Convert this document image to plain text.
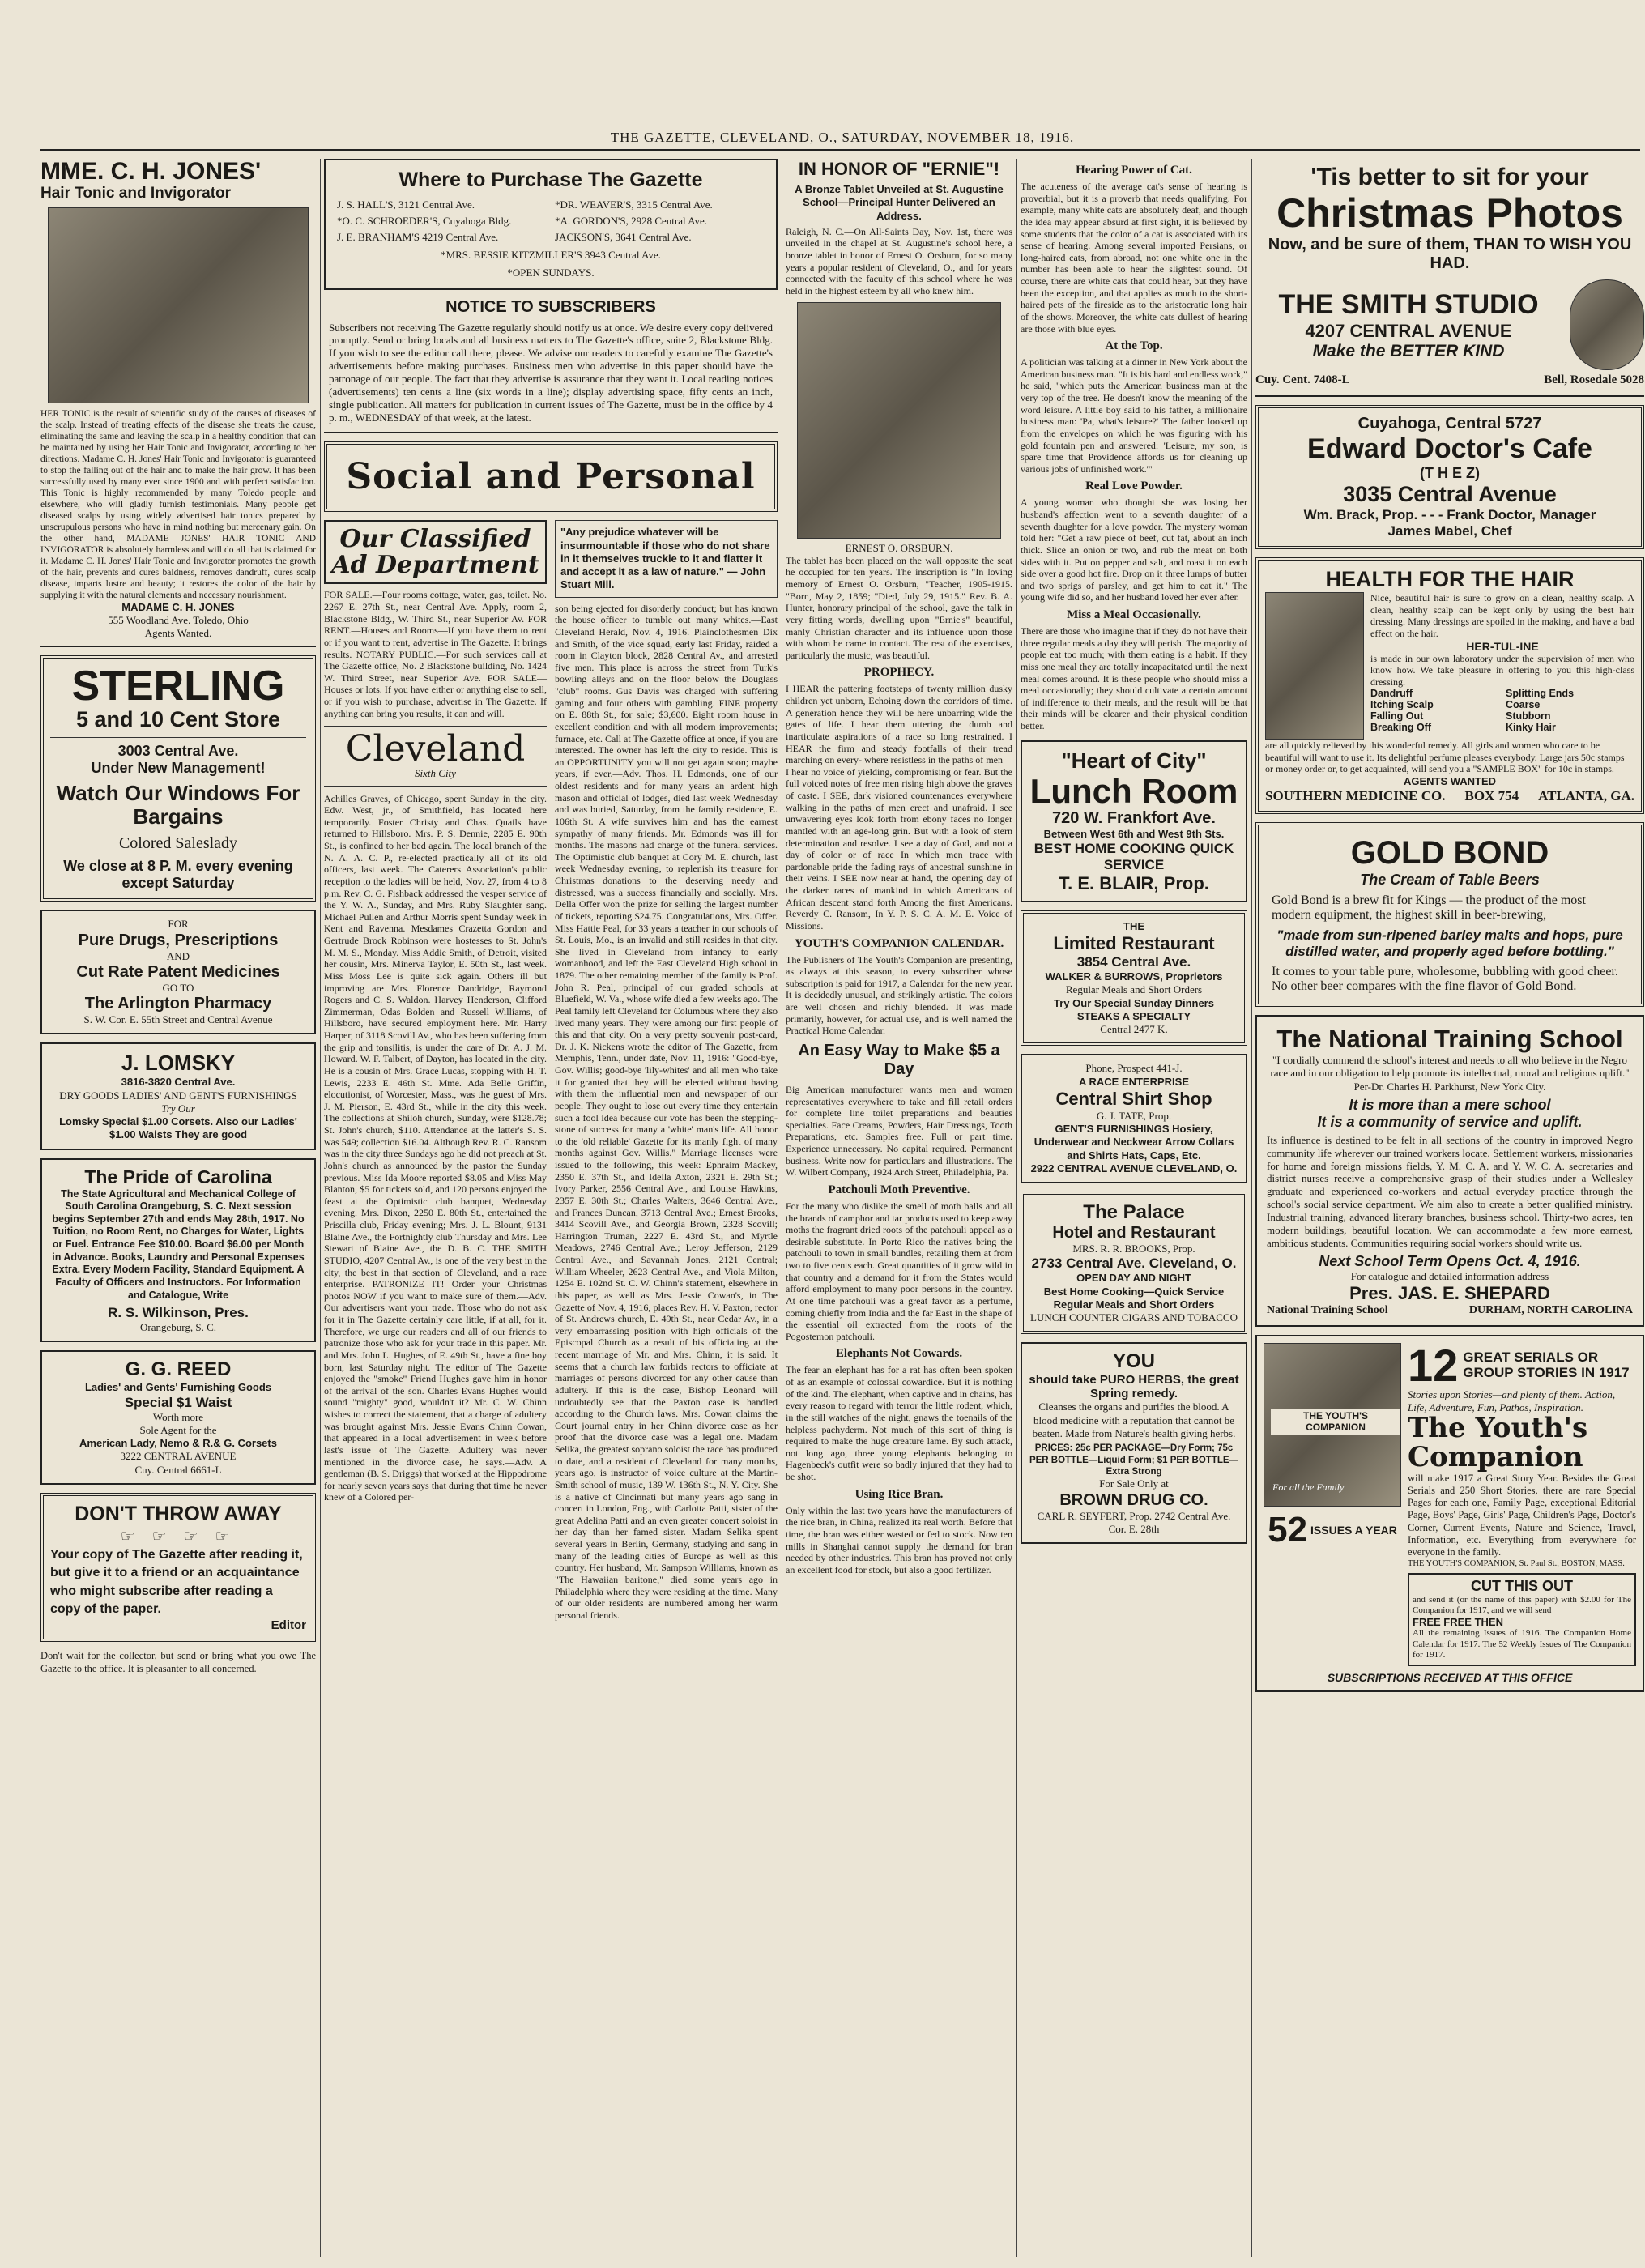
THE GAZETTE, CLEVELAND, O., SATURDAY, NOVEMBER 18, 1916.
MME. C. H. JONES'
Hair Tonic and Invigorator
HER TONIC is the result of scientific study of the causes of diseases of the scalp. Instead of treating effects of the disease she treats the cause, eliminating the same and leaving the scalp in a healthy condition that can be maintained by using her Hair Tonic and Invigorator, according to her directions. Madame C. H. Jones' Hair Tonic and Invigorator is guaranteed to stop the falling out of the hair and to make the hair grow. It has been successfully used by many ever since 1900 and with perfect satisfaction. This Tonic is highly recommended by many Toledo people and elsewhere, who will gladly furnish testimonials. Many people get diseased scalps by using widely advertised hair tonics prepared by unscrupulous persons who have in mind nothing but mercenary gain. On the other hand, MADAME JONES' HAIR TONIC AND INVIGORATOR is absolutely harmless and will do all that is claimed for it. Madame C. H. Jones' Hair Tonic and Invigorator promotes the growth of the hair, prevents and cures baldness, removes dandruff, cures scalp disease, imparts lustre and beauty; it restores the color of the hair by supplying it with the natural elements and necessary nourishment.
MADAME C. H. JONES
555 Woodland Ave. Toledo, Ohio
Agents Wanted.
STERLING
5 and 10 Cent Store
3003 Central Ave.
Under New Management!
Watch Our Windows For Bargains
Colored Saleslady
We close at 8 P. M. every evening except Saturday
FOR
Pure Drugs, Prescriptions
AND
Cut Rate Patent Medicines
GO TO
The Arlington Pharmacy
S. W. Cor. E. 55th Street and Central Avenue
J. LOMSKY
3816-3820 Central Ave.
DRY GOODS LADIES' AND GENT'S FURNISHINGS
Try Our
Lomsky Special $1.00 Corsets. Also our Ladies' $1.00 Waists They are good
The Pride of Carolina
The State Agricultural and Mechanical College of South Carolina Orangeburg, S. C. Next session begins September 27th and ends May 28th, 1917. No Tuition, no Room Rent, no Charges for Water, Lights or Fuel. Entrance Fee $10.00. Board $6.00 per Month in Advance. Books, Laundry and Personal Expenses Extra. Every Modern Facility, Standard Equipment. A Faculty of Officers and Instructors. For Information and Catalogue, Write
R. S. Wilkinson, Pres.
Orangeburg, S. C.
G. G. REED
Ladies' and Gents' Furnishing Goods
Special $1 Waist
Worth more
Sole Agent for the
American Lady, Nemo & R.& G. Corsets
3222 CENTRAL AVENUE
Cuy. Central 6661-L
DON'T THROW AWAY
☞ ☞ ☞ ☞
Your copy of The Gazette after reading it, but give it to a friend or an acquaintance who might subscribe after reading a copy of the paper.
Editor
Don't wait for the collector, but send or bring what you owe The Gazette to the office. It is pleasanter to all concerned.
Where to Purchase The Gazette
J. S. HALL'S, 3121 Central Ave.	*DR. WEAVER'S, 3315 Central Ave.
*O. C. SCHROEDER'S, Cuyahoga Bldg.	*A. GORDON'S, 2928 Central Ave.
J. E. BRANHAM'S 4219 Central Ave.	JACKSON'S, 3641 Central Ave.
*MRS. BESSIE KITZMILLER'S 3943 Central Ave.
*OPEN SUNDAYS.
NOTICE TO SUBSCRIBERS
Subscribers not receiving The Gazette regularly should notify us at once. We desire every copy delivered promptly. Send or bring locals and all business matters to The Gazette's office, suite 2, Blackstone Bldg. If you wish to see the editor call there, please. We advise our readers to carefully examine The Gazette's advertisements before making purchases. Business men who advertise in this paper should have the patronage of our people. The fact that they advertise is assurance that they want it. Local reading notices (advertisements) ten cents a line (six words in a line); display advertising space, fifty cents an inch, single publication. All matters for publication in current issues of The Gazette, must be in the office by 4 p. m., WEDNESDAY of that week, at the latest.
Social and Personal
Our Classified Ad Department
FOR SALE.—Four rooms cottage, water, gas, toilet. No. 2267 E. 27th St., near Central Ave. Apply, room 2, Blackstone Bldg., W. Third St., near Superior Av. FOR RENT.—Houses and Rooms—If you have them to rent or if you want to rent, advertise in The Gazette. It brings results. NOTARY PUBLIC.—For such services call at The Gazette office, No. 2 Blackstone building, No. 1424 W. Third Street, near Superior Ave. FOR SALE—Houses or lots. If you have either or anything else to sell, or if you wish to purchase, advertise in The Gazette. If anything can bring you results, it can and will.
Cleveland
Sixth City
Achilles Graves, of Chicago, spent Sunday in the city. Edw. West, jr., of Smithfield, has located here temporarily. Foster Christy and Chas. Quails have returned to Hillsboro. Mrs. P. S. Dennie, 2285 E. 90th St., is confined to her bed again. The local branch of the N. A. A. C. P., re-elected practically all of its old officers, last week. The Caterers Association's public reception to the ladies will be held, Nov. 27, from 4 to 8 p.m. Rev. C. G. Fishback addressed the vesper service of the Y. W. A., Sunday, and Mrs. Ruby Slaughter sang. Michael Pullen and Arthur Morris spent Sunday week in Kent and Ravenna. Mesdames Crazetta Gordon and Gertrude Brock Robinson were hostesses to St. John's M. M. S., Monday. Miss Addie Smith, of Detroit, visited her cousin, Mrs. Minerva Taylor, E. 50th St., last week. Miss Moss Lee is quite sick again. Others ill but improving are Mrs. Florence Dandridge, Raymond Rogers and C. S. Waldon. Harvey Henderson, Clifford Zimmerman, Odas Bolden and Russell Williams, of Hillsboro, have secured employment here. Mr. Harry Harper, of 3118 Scovill Av., who has been suffering from the grip and tonsilitis, is under the care of Dr. A. J. M. Howard. W. F. Talbert, of Dayton, has located in the city. He is a cousin of Mrs. Grace Lucas, stopping with H. T. Lewis, 2233 E. 46th St. Mme. Ada Belle Griffin, elocutionist, of Worcester, Mass., was the guest of Mrs. J. M. Pierson, E. 43rd St., while in the city this week. The collections at Shiloh church, Sunday, were $128.78; St. John's church, $110. Attendance at the latter's S. S. was 549; collection $16.04. Although Rev. R. C. Ransom was in the city three Sundays ago he did not preach at St. John's church as announced by the pastor the Sunday previous. Miss Ida Moore reported $8.05 and Miss May Blanton, $5 for tickets sold, and 120 persons enjoyed the feast at the Optimistic club banquet, Wednesday evening. Mrs. Dixon, 2250 E. 80th St., entertained the Priscilla club, Friday evening; Mrs. J. L. Blount, 9131 Blaine Ave., the Fortnightly club Thursday and Mrs. Lee Stewart of Blaine Ave., the D. B. C. THE SMITH STUDIO, 4207 Central Av., is one of the very best in the city, the best in that section of Cleveland, and a race enterprise. PATRONIZE IT! Order your Christmas photos NOW if you want to make sure of them.—Adv. Our advertisers want your trade. Those who do not ask for it in The Gazette certainly care little, if at all, for it. Therefore, we urge our readers and all of our friends to patronize those who ask for your trade in this paper. Mr. and Mrs. John L. Hughes, of E. 49th St., have a fine boy born, last Saturday night. The editor of The Gazette enjoyed the "smoke" Friend Hughes gave him in honor of the arrival of the son. Charles Evans Hughes would sound "mighty" good, wouldn't it? Mr. C. W. Chinn wishes to correct the statement, that a charge of adultery was brought against Mrs. Jessie Evans Chinn Cowan, that appeared in a local advertisement in week before last's issue of The Gazette. Adultery was never mentioned in the divorce case, he says.—Adv. A gentleman (B. S. Driggs) that worked at the Hippodrome for nearly seven years says that during that time he never knew of a Colored per-
"Any prejudice whatever will be insurmountable if those who do not share in it themselves truckle to it and flatter it and accept it as a law of nature." — John Stuart Mill.
son being ejected for disorderly conduct; but has known the house officer to tumble out many whites.—East Cleveland Herald, Nov. 4, 1916. Plainclothesmen Dix and Smith, of the vice squad, early last Friday, raided a room in Clayton block, 2828 Central Av., and arrested five men. This place is across the street from Turk's bowling alleys and on the floor below the Douglass "club" rooms. Gus Davis was charged with suffering gaming and four others with gambling. FINE property on E. 88th St., for sale; $3,600. Eight room house in excellent condition and with all modern improvements; furnace, etc. Call at The Gazette office at once, if you are interested. The owner has left the city to reside. This is an OPPORTUNITY you will not get again soon; maybe years, if ever.—Adv. Thos. H. Edmonds, one of our oldest residents and for many years an ardent high mason and official of lodges, died last week Wednesday and was buried, Saturday, from the family residence, E. 106th St. A wife survives him and has the earnest sympathy of many friends. Mr. Edmonds was ill for months. The masons had charge of the funeral services. The Optimistic club banquet at Cory M. E. church, last week Wednesday evening, to replenish its treasure for Christmas donations to the deserving needy and distressed, was a success financially and socially. Mrs. Della Offer won the prize for selling the largest number of tickets, reporting $24.75. Congratulations, Mrs. Offer. Miss Hattie Peal, for 33 years a teacher in our schools of St. Louis, Mo., is an invalid and still resides in that city. She lived in Cleveland from infancy to early womanhood, and left the East Cleveland High school in 1879. The other remaining member of the family is Prof. John R. Peal, principal of our graded schools at Bluefield, W. Va., whose wife died a few weeks ago. The Peal family left Cleveland for Columbus where they also lived many years. They were among our first people of this and that city. On a very pretty souvenir post-card, Dr. J. K. Nickens wrote the editor of The Gazette, from Memphis, Tenn., under date, Nov. 11, 1916: "Good-bye, Gov. Willis; good-bye 'lily-whites' and all men who take it for granted that they will be elected without having with them the influential men and newspaper of our people. They ought to lose out every time they entertain such a fool idea because our vote has been the stepping-stone of success for many a 'white' man's life. All honor to the 'old reliable' Gazette for its manly fight of many months against Gov. Willis." Marriage licenses were issued to the following, this week: Ephraim Mackey, 2350 E. 37th St., and Idella Axton, 2321 E. 29th St.; Ivory Parker, 2556 Central Ave., and Louise Hawkins, 2357 E. 30th St.; Charles Walters, 3646 Central Ave., and Frances Duncan, 3713 Central Ave.; Ernest Brooks, 3414 Scovill Ave., and Georgia Brown, 2328 Scovill; Harrington Truman, 2227 E. 43rd St., and Myrtle Meadows, 2746 Central Ave.; Leroy Jefferson, 2129 Central Ave., and Savannah Jones, 2121 Central; William Wheeler, 2623 Central Ave., and Viola Milton, 1254 E. 102nd St. C. W. Chinn's statement, elsewhere in this paper, as well as Mrs. Jessie Cowan's, in The Gazette of Nov. 4, 1916, places Rev. H. V. Paxton, rector of St. Andrews church, E. 49th St., near Cedar Av., in a very embarrassing position with high officials of the Episcopal Church as a result of his officiating at the recent marriage of Mr. and Mrs. Chinn, it is said. It seems that a church law forbids rectors to officiate at marriages of persons divorced for any other cause than adultery. If this is the case, Bishop Leonard will undoubtedly see that the Paxton case is handled according to the Church laws. Mrs. Cowan claims the Court journal entry in her Chinn divorce case as her proof that the divorce case was a legal one. Madam Selika, the greatest soprano soloist the race has produced to date, and a resident of Cleveland for many months, years ago, is instructor of voice culture at the Martin-Smith school of music, 139 W. 136th St., N. Y. City. She is a native of Cincinnati but many years ago sang in concert in London, Eng., with Carlotta Patti, sister of the great Adelina Patti and an even greater concert soloist in her day than her famed sister. Madam Selika spent several years in Berlin, Germany, studying and sang in many of the leading cities of Europe as well as this country. Her husband, Mr. Sampson Williams, known as "The Hawaiian baritone," died some years ago in Philadelphia where they were residing at the time. Many of our older residents are numbered among her warm personal friends.
IN HONOR OF "ERNIE"!
A Bronze Tablet Unveiled at St. Augustine School—Principal Hunter Delivered an Address.
Raleigh, N. C.—On All-Saints Day, Nov. 1st, there was unveiled in the chapel at St. Augustine's school here, a bronze tablet in honor of Ernest O. Orsburn, for so many years a popular resident of Cleveland, O., and for years connected with the faculty of this school where he was held in the highest esteem by all who knew him.
ERNEST O. ORSBURN.
The tablet has been placed on the wall opposite the seat he occupied for ten years. The inscription is "In loving memory of Ernest O. Orsburn, "Teacher, 1905-1915. "Born, May 2, 1859; "Died, July 29, 1915." Rev. B. A. Hunter, honorary principal of the school, gave the talk in very fitting words, dwelling upon "Ernie's" beautiful, manly Christian character and its influence upon those with whom he came in contact. The rest of the exercises, particularly the music, was beautiful.
PROPHECY.
I HEAR the pattering footsteps of twenty million dusky children yet unborn, Echoing down the corridors of time. A generation hence they will be here unbarring wide the gates of life. I hear them uttering the dumb and inarticulate aspirations of a race so long restrained. I HEAR the firm and steady footfalls of their tread marching on every- where resistless in the paths of men— I hear no voice of yielding, compromising or fear. But the full voiced notes of free men rising high above the graves of caste. I SEE, dark visioned countenances everywhere walking in the paths of men erect and unafraid. I see unwavering eyes look forth from ebony faces no longer mantled with an age-long grin. But with a look of stern determination and resolve. I see a day of God, and not a day of color or of race In which men trace with pardonable pride the fading rays of ancestral sunshine in their veins. I SEE now near at hand, the opening day of the darker races of mankind in which Americans of African descent stand forth Among the first Americans. Reverdy C. Ransom, In Y. P. S. C. A. M. E. Voice of Missions.
YOUTH'S COMPANION CALENDAR.
The Publishers of The Youth's Companion are presenting, as always at this season, to every subscriber whose subscription is paid for 1917, a Calendar for the new year. It is decidedly unusual, and strikingly artistic. The colors are well chosen and richly blended. It was made primarily, however, for actual use, and is well named the Practical Home Calendar.
An Easy Way to Make $5 a Day
Big American manufacturer wants men and women representatives everywhere to take and fill retail orders for complete line toilet preparations and beauties specialties. Face Creams, Powders, Hair Dressings, Tooth Preparations, etc. Samples free. Full or part time. Experience unnecessary. No capital required. Permanent business. Write now for particulars and illustrations. The W. Wilbert Company, 1924 Arch Street, Philadelphia, Pa.
Patchouli Moth Preventive.
For the many who dislike the smell of moth balls and all the brands of camphor and tar products used to keep away moths the fragrant dried roots of the patchouli appeal as a desirable substitute. In Porto Rico the natives bring the patchouli to town in small bundles, retailing them at from two to five cents each. Great quantities of it grow wild in that country and a demand for it from the States would afford employment to many poor persons in the country. At one time patchouli was a great favor as a perfume, coming chiefly from India and the far East in the shape of the essential oil extracted from the roots of the Pogostemon patchouli.
Elephants Not Cowards.
The fear an elephant has for a rat has often been spoken of as an example of colossal cowardice. But it is nothing of the kind. The elephant, when captive and in chains, has every reason to regard with terror the little rodent, which, in the still watches of the night, gnaws the toenails of the helpless pachyderm. Not much of this sort of thing is required to make the huge creature lame. By such attack, not long ago, three young elephants belonging to Hagenbeck's outfit were so badly injured that they had to be shot.
Using Rice Bran.
Only within the last two years have the manufacturers of the rice bran, in China, realized its real worth. Before that time, the bran was either wasted or fed to stock. Now ten mills in Shanghai cannot supply the demand for bran needed by other industries. This bran has proved not only an excellent food for stock, but also a good fertilizer.
Hearing Power of Cat.
The acuteness of the average cat's sense of hearing is proverbial, but it is a proverb that needs qualifying. For example, many white cats are absolutely deaf, and though the idea may appear absurd at first sight, it is believed by some students that the color of a cat is associated with its sense of hearing. Among several imported Persians, or long-haired cats, from abroad, not one white one in the number has been able to hear the slightest sound. Of course, there are white cats that could hear, but they have been the exception, and that applies as much to the short-haired pets of the fireside as to the aristocratic long hair of the shows. Moreover, the white cats dullest of hearing are those with blue eyes.
At the Top.
A politician was talking at a dinner in New York about the American business man. "It is his hard and endless work," he said, "which puts the American business man at the very top of the tree. He doesn't know the meaning of the word leisure. A little boy said to his father, a millionaire business man: 'Pa, what's leisure?' The father looked up from the envelopes on which he was figuring with his gold fountain pen and answered: 'Leisure, my son, is spare time that Providence affords us for cleaning up various jobs of unfinished work.'"
Real Love Powder.
A young woman who thought she was losing her husband's affection went to a seventh daughter of a seventh daughter for a love powder. The mystery woman told her: "Get a raw piece of beef, cut fat, about an inch thick. Slice an onion or two, and rub the meat on both sides with it. Put on pepper and salt, and roast it on each side over a good hot fire. Drop on it three lumps of butter and two sprigs of parsley, and get him to eat it." The young wife did so, and her husband loved her ever after.
Miss a Meal Occasionally.
There are those who imagine that if they do not have their three regular meals a day they will perish. The majority of people eat too much; with them eating is a habit. If they miss one meal they are totally incapacitated until the next meal comes around. It is these people who should miss a meal occasionally; they should cultivate a certain amount of indifference to their meals, and the result will be that their minds will be clearer and their physical condition better.
"Heart of City"
Lunch Room
720 W. Frankfort Ave.
Between West 6th and West 9th Sts.
BEST HOME COOKING QUICK SERVICE
T. E. BLAIR, Prop.
THE
Limited Restaurant
3854 Central Ave.
WALKER & BURROWS, Proprietors
Regular Meals and Short Orders
Try Our Special Sunday Dinners
STEAKS A SPECIALTY
Central 2477 K.
Phone, Prospect 441-J.
A RACE ENTERPRISE
Central Shirt Shop
G. J. TATE, Prop.
GENT'S FURNISHINGS Hosiery, Underwear and Neckwear Arrow Collars and Shirts Hats, Caps, Etc.
2922 CENTRAL AVENUE CLEVELAND, O.
The Palace
Hotel and Restaurant
MRS. R. R. BROOKS, Prop.
2733 Central Ave. Cleveland, O.
OPEN DAY AND NIGHT
Best Home Cooking—Quick Service
Regular Meals and Short Orders
LUNCH COUNTER CIGARS AND TOBACCO
YOU
should take PURO HERBS, the great Spring remedy.
Cleanses the organs and purifies the blood. A blood medicine with a reputation that cannot be beaten. Made from Nature's health giving herbs.
PRICES: 25c PER PACKAGE—Dry Form; 75c PER BOTTLE—Liquid Form; $1 PER BOTTLE—Extra Strong
For Sale Only at
BROWN DRUG CO.
CARL R. SEYFERT, Prop. 2742 Central Ave. Cor. E. 28th
'Tis better to sit for your
Christmas Photos
Now, and be sure of them, THAN TO WISH YOU HAD.
THE SMITH STUDIO
4207 CENTRAL AVENUE
Make the BETTER KIND
Cuy. Cent. 7408-L	Bell, Rosedale 5028
Cuyahoga, Central 5727
Edward Doctor's Cafe
(T H E Z)
3035 Central Avenue
Wm. Brack, Prop. - - - Frank Doctor, Manager
James Mabel, Chef
HEALTH FOR THE HAIR
Nice, beautiful hair is sure to grow on a clean, healthy scalp. A clean, healthy scalp can be kept only by using the best hair dressing. Many dressings are spoiled in the making, and have a bad effect on the hair.
HER-TUL-INE
is made in our own laboratory under the supervision of men who know how. We take pleasure in offering to you this high-class dressing.
Dandruff	Splitting Ends
Itching Scalp	Coarse
Falling Out	Stubborn
Breaking Off	Kinky Hair
are all quickly relieved by this wonderful remedy. All girls and women who care to be beautiful will want to use it. Its delightful perfume pleases everybody. Large jars 50c stamps or money order or, to get acquainted, will send you a "SAMPLE BOX" for 10c in stamps.
AGENTS WANTED
SOUTHERN MEDICINE CO. BOX 754 ATLANTA, GA.
GOLD BOND
The Cream of Table Beers
Gold Bond is a brew fit for Kings — the product of the most modern equipment, the highest skill in beer-brewing,
"made from sun-ripened barley malts and hops, pure distilled water, and properly aged before bottling."
It comes to your table pure, wholesome, bubbling with good cheer. No other beer compares with the fine flavor of Gold Bond.
The National Training School
"I cordially commend the school's interest and needs to all who believe in the Negro race and in our obligation to help promote its intellectual, moral and religious uplift." Per-Dr. Charles H. Parkhurst, New York City.
It is more than a mere school
It is a community of service and uplift.
Its influence is destined to be felt in all sections of the country in improved Negro community life wherever our trained workers locate. Settlement workers, missionaries for home and foreign missions fields, Y. M. C. A. and Y. W. C. A. secretaries and district nurses receive a comprehensive grasp of their studies under a Wellesley graduate and experienced co-workers and actual everyday practice through the school's social service department. We aim also to create a better qualified ministry. Industrial training, advanced literary branches, business school. Thirty-two acres, ten modern buildings, beautiful location. We can accommodate a few more earnest, ambitious students. Communities requiring social workers should write us.
Next School Term Opens Oct. 4, 1916.
For catalogue and detailed information address
Pres. JAS. E. SHEPARD
National Training School	DURHAM, NORTH CAROLINA
THE YOUTH'S COMPANION
For all the Family
52 ISSUES A YEAR
12 GREAT SERIALS OR GROUP STORIES IN 1917
Stories upon Stories—and plenty of them. Action, Life, Adventure, Fun, Pathos, Inspiration.
The Youth's
Companion
will make 1917 a Great Story Year. Besides the Great Serials and 250 Short Stories, there are rare Special Pages for each one, Family Page, exceptional Editorial Page, Boys' Page, Girls' Page, Children's Page, Doctor's Corner, Current Events, Nature and Science, Travel, Information, etc. Everything from everywhere for everyone in the family.
THE YOUTH'S COMPANION, St. Paul St., BOSTON, MASS.
CUT THIS OUT
and send it (or the name of this paper) with $2.00 for The Companion for 1917, and we will send
FREE FREE THEN
All the remaining Issues of 1916. The Companion Home Calendar for 1917. The 52 Weekly Issues of The Companion for 1917.
SUBSCRIPTIONS RECEIVED AT THIS OFFICE
